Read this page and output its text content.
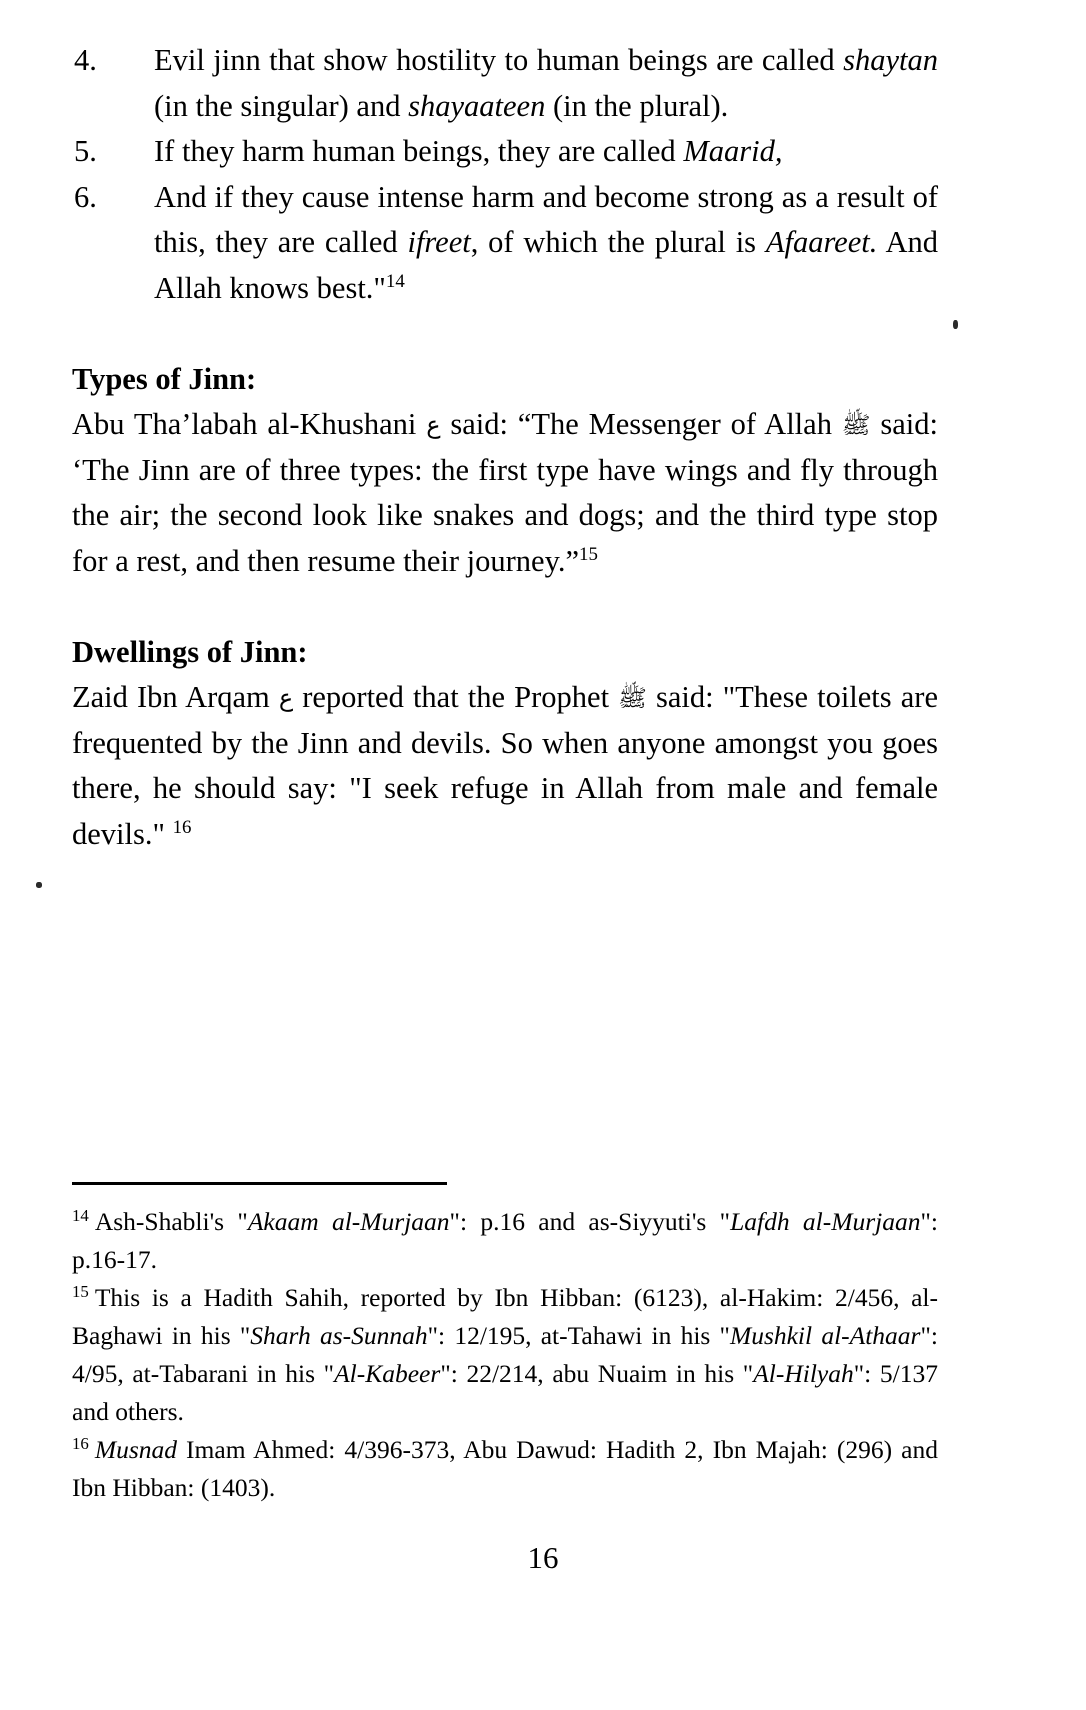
4.	Evil jinn that show hostility to human beings are called shaytan (in the singular) and shayaateen (in the plural).
5.	If they harm human beings, they are called Maarid,
6.	And if they cause intense harm and become strong as a result of this, they are called ifreet, of which the plural is Afaareet. And Allah knows best."$^{14}$
Types of Jinn:

Abu Tha’labah al-Khushani ع said: “The Messenger of Allah ﷺ said: ‘The Jinn are of three types: the first type have wings and fly through the air; the second look like snakes and dogs; and the third type stop for a rest, and then resume their journey.”$^{15}$

Dwellings of Jinn:

Zaid Ibn Arqam ع reported that the Prophet ﷺ said: "These toilets are frequented by the Jinn and devils. So when anyone amongst you goes there, he should say: "I seek refuge in Allah from male and female devils." $^{16}$

$^{14}$ Ash-Shabli's "Akaam al-Murjaan": p.16 and as-Siyyuti's "Lafdh al-Murjaan": p.16-17.

$^{15}$ This is a Hadith Sahih, reported by Ibn Hibban: (6123), al-Hakim: 2/456, al-Baghawi in his "Sharh as-Sunnah": 12/195, at-Tahawi in his "Mushkil al-Athaar": 4/95, at-Tabarani in his "Al-Kabeer": 22/214, abu Nuaim in his "Al-Hilyah": 5/137 and others.

$^{16}$ Musnad Imam Ahmed: 4/396-373, Abu Dawud: Hadith 2, Ibn Majah: (296) and Ibn Hibban: (1403).

16
